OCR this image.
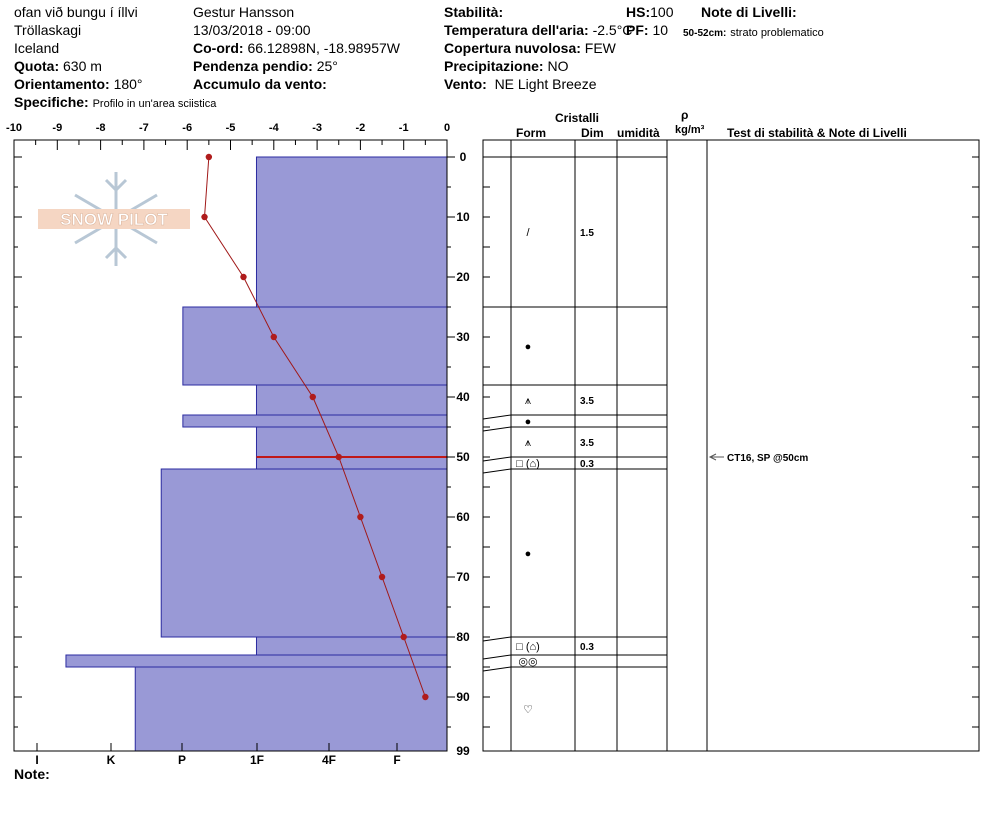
ofan við bungu í íllvi
Tröllaskagi
Iceland
Quota: 630 m
Orientamento: 180°
Specifiche: Profilo in un'area sciistica
Gestur Hansson
13/03/2018 - 09:00
Co-ord: 66.12898N, -18.98957W
Pendenza pendio: 25°
Accumulo da vento:
Stabilità:
Temperatura dell'aria: -2.5°C
Copertura nuvolosa: FEW
Precipitazione: NO
Vento: NE Light Breeze
HS:100
PF: 10
Note di Livelli:
50-52cm: strato problematico
Note:
Cristalli
Form	Dim umidità
ρ
kg/m³ Test di stabilità & Note di Livelli
SNOW PILOT
-10	-9	-8	-7	-6	-5	-4	-3	-2	-1	0
0
10
20
30
40
50
60
70
80
90
99
I	K	P	1F	4F	F
/	1.5
●
⩚	3.5
●
⩚	3.5
□ (⌂)	0.3
●
□ (⌂)	0.3
◎◎
♡
CT16, SP @50cm
